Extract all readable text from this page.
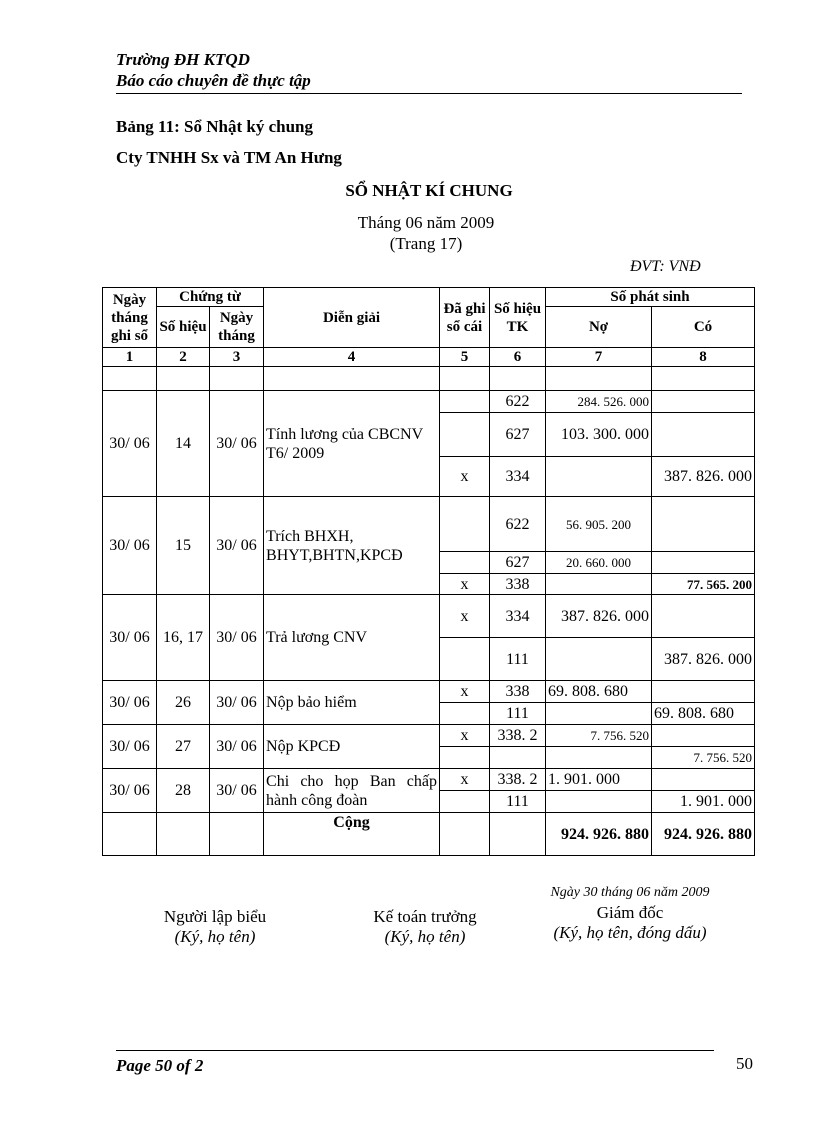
Trường ĐH KTQD
Báo cáo chuyên đề thực tập
Bảng 11: Sổ Nhật ký chung
Cty TNHH Sx và TM An Hưng
SỔ NHẬT KÍ CHUNG
Tháng 06 năm 2009
(Trang 17)
ĐVT: VNĐ
Ngày tháng ghi sổ	Chứng từ		Diễn giải	Đã ghi sổ cái	Số hiệu TK	Số phát sinh	
	Số hiệu	Ngày tháng				Nợ	Có
1	2	3	4	5	6	7	8

30/ 06	14	30/ 06	Tính lương của CBCNV T6/ 2009		622	284. 526. 000	
					627	103. 300. 000	
				x	334		387. 826. 000
30/ 06	15	30/ 06	Trích BHXH, BHYT,BHTN,KPCĐ		622	56. 905. 200	
					627	20. 660. 000	
				x	338		77. 565. 200
30/ 06	16, 17	30/ 06	Trả lương CNV	x	334	387. 826. 000	
					111		387. 826. 000
30/ 06	26	30/ 06	Nộp bảo hiểm	x	338	69. 808. 680	
					111		69. 808. 680
30/ 06	27	30/ 06	Nộp KPCĐ	x	338. 2	7. 756. 520	
							7. 756. 520
30/ 06	28	30/ 06	Chi cho họp Ban chấp hành công đoàn	x	338. 2	1. 901. 000	
					111		1. 901. 000
			Cộng			924. 926. 880	924. 926. 880
Ngày 30 tháng 06 năm 2009
Người lập biểu
(Ký, họ tên)
Kế toán trưởng
(Ký, họ tên)
Giám đốc
(Ký, họ tên, đóng dấu)
Page 50 of 2	50
